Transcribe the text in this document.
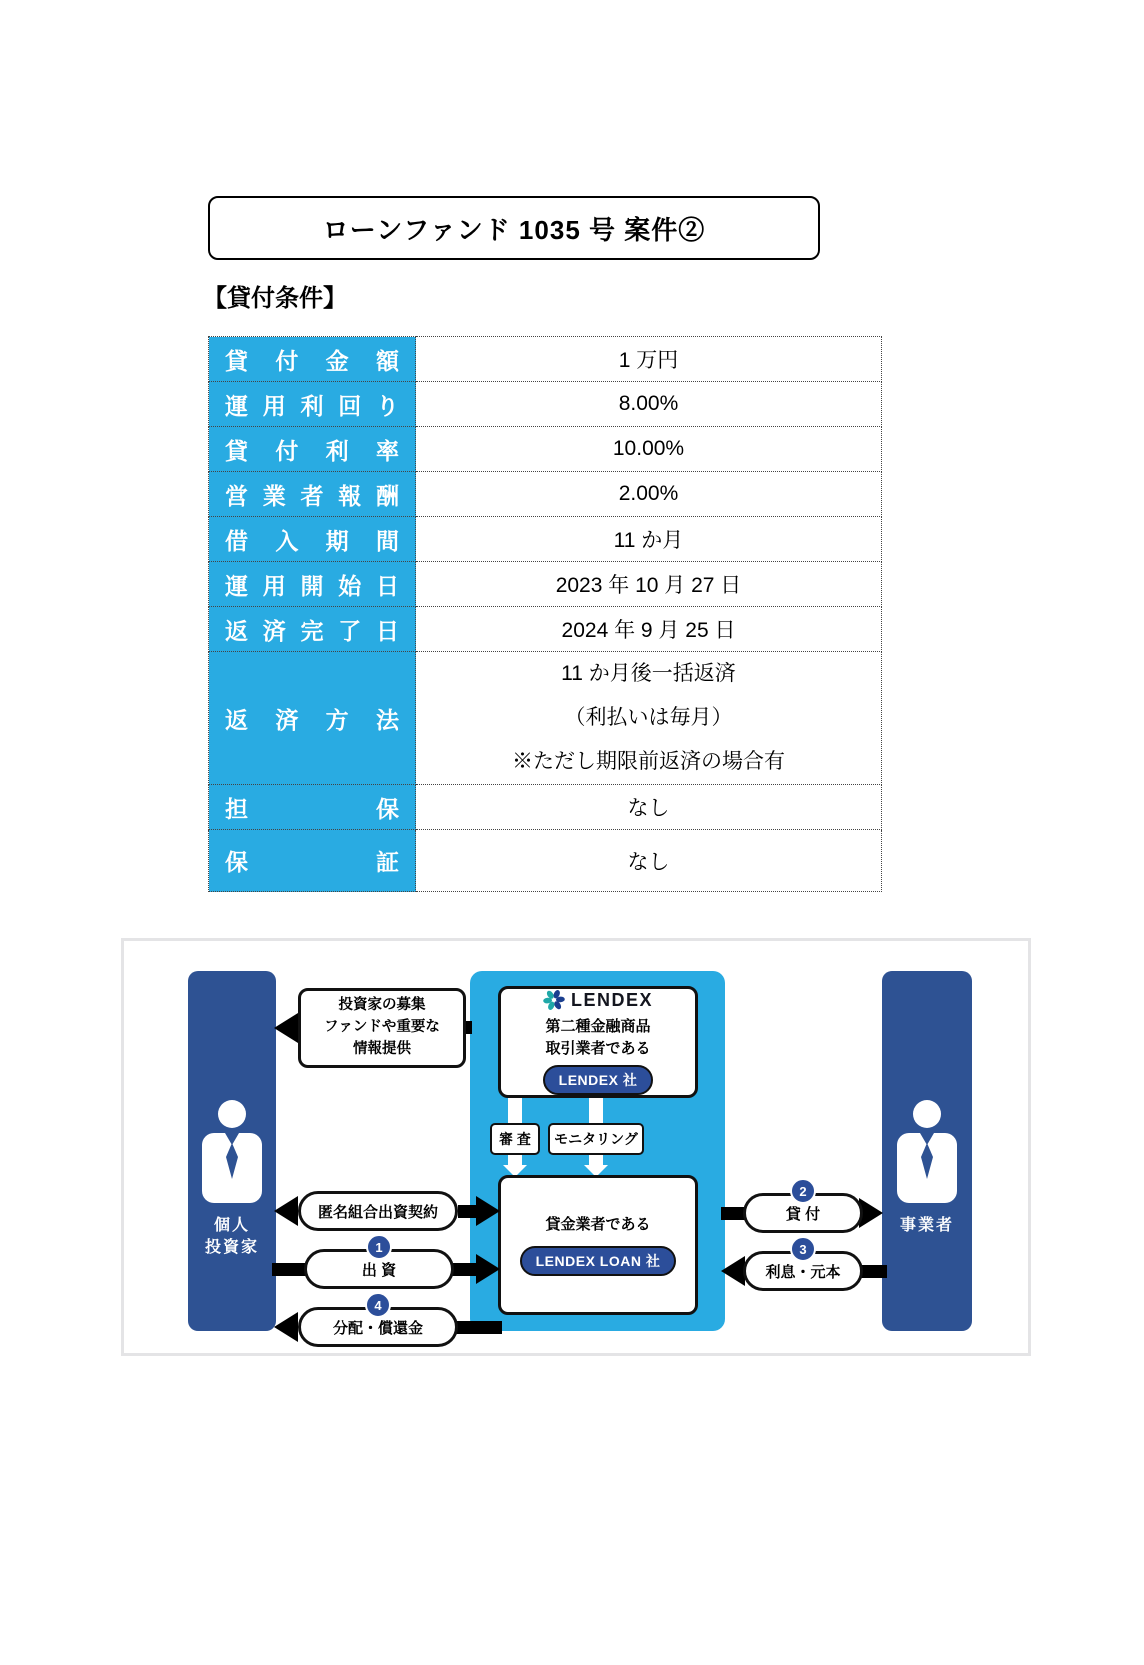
ローンファンド 1035 号 案件②
【貸付条件】
貸 付 金 額	1 万円
運 用 利 回 り	8.00%
貸 付 利 率	10.00%
営 業 者 報 酬	2.00%
借 入 期 間	11 か月
運 用 開 始 日	2023 年 10 月 27 日
返 済 完 了 日	2024 年 9 月 25 日
返 済 方 法	11 か月後一括返済
（利払いは毎月）
※ただし期限前返済の場合有

担 保	なし
保 証	なし
個人
投資家
事業者
LENDEX
第二種金融商品
取引業者である
LENDEX 社
審 査	モニタリング
貸金業者である
LENDEX LOAN 社
投資家の募集
ファンドや重要な
情報提供
匿名組合出資契約
出 資
1
分配・償還金
4
貸 付
2
利息・元本
3
